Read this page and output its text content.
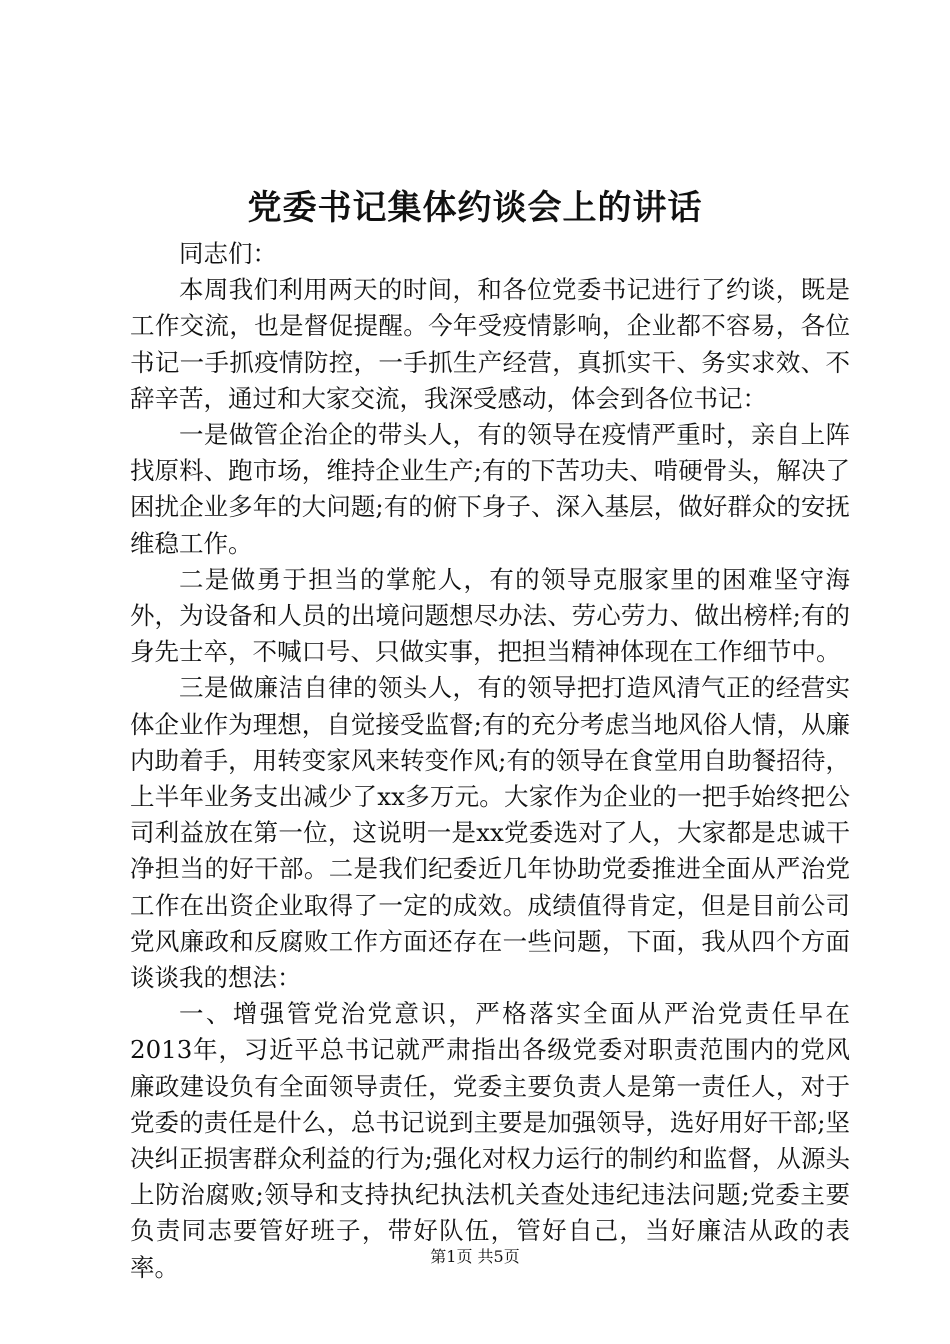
党委书记集体约谈会上的讲话

同志们：

本周我们利用两天的时间，和各位党委书记进行了约谈，既是工作交流，也是督促提醒。今年受疫情影响，企业都不容易，各位书记一手抓疫情防控，一手抓生产经营，真抓实干、务实求效、不辞辛苦，通过和大家交流，我深受感动，体会到各位书记：

一是做管企治企的带头人，有的领导在疫情严重时，亲自上阵找原料、跑市场，维持企业生产;有的下苦功夫、啃硬骨头，解决了困扰企业多年的大问题;有的俯下身子、深入基层，做好群众的安抚维稳工作。

二是做勇于担当的掌舵人，有的领导克服家里的困难坚守海外，为设备和人员的出境问题想尽办法、劳心劳力、做出榜样;有的身先士卒，不喊口号、只做实事，把担当精神体现在工作细节中。

三是做廉洁自律的领头人，有的领导把打造风清气正的经营实体企业作为理想，自觉接受监督;有的充分考虑当地风俗人情，从廉内助着手，用转变家风来转变作风;有的领导在食堂用自助餐招待，上半年业务支出减少了xx多万元。大家作为企业的一把手始终把公司利益放在第一位，这说明一是xx党委选对了人，大家都是忠诚干净担当的好干部。二是我们纪委近几年协助党委推进全面从严治党工作在出资企业取得了一定的成效。成绩值得肯定，但是目前公司党风廉政和反腐败工作方面还存在一些问题，下面，我从四个方面谈谈我的想法：

一、增强管党治党意识，严格落实全面从严治党责任早在2013年，习近平总书记就严肃指出各级党委对职责范围内的党风廉政建设负有全面领导责任，党委主要负责人是第一责任人，对于党委的责任是什么，总书记说到主要是加强领导，选好用好干部;坚决纠正损害群众利益的行为;强化对权力运行的制约和监督，从源头上防治腐败;领导和支持执纪执法机关查处违纪违法问题;党委主要负责同志要管好班子，带好队伍，管好自己，当好廉洁从政的表率。	第1页 共5页
